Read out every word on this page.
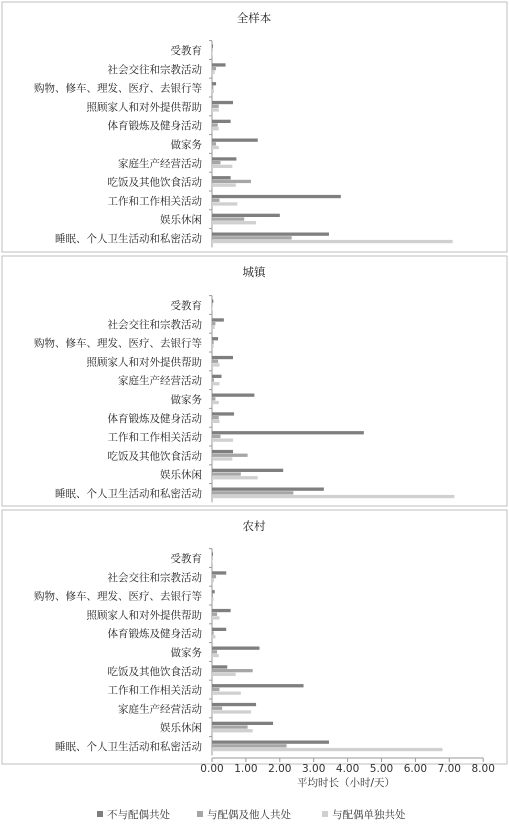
全样本
受教育
社会交往和宗教活动
购物、修车、理发、医疗、去银行等
照顾家人和对外提供帮助
体育锻炼及健身活动
做家务
家庭生产经营活动
吃饭及其他饮食活动
工作和工作相关活动
娱乐休闲
睡眠、个人卫生活动和私密活动
城镇
受教育
社会交往和宗教活动
购物、修车、理发、医疗、去银行等
照顾家人和对外提供帮助
家庭生产经营活动
做家务
体育锻炼及健身活动
工作和工作相关活动
吃饭及其他饮食活动
娱乐休闲
睡眠、个人卫生活动和私密活动
农村
受教育
社会交往和宗教活动
购物、修车、理发、医疗、去银行等
照顾家人和对外提供帮助
体育锻炼及健身活动
做家务
吃饭及其他饮食活动
工作和工作相关活动
家庭生产经营活动
娱乐休闲
睡眠、个人卫生活动和私密活动
0.00 1.00 2.00 3.00 4.00 5.00 6.00 7.00 8.00
平均时长（小时/天）
不与配偶共处	与配偶及他人共处	与配偶单独共处
